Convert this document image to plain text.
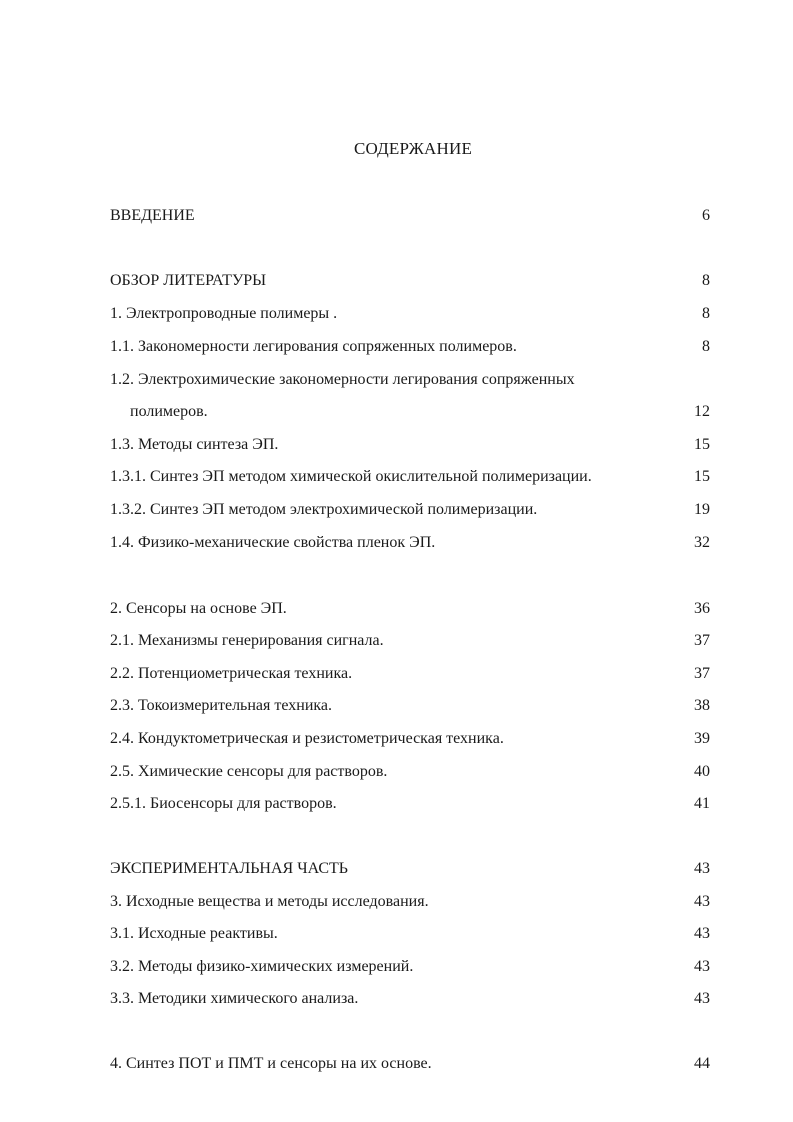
СОДЕРЖАНИЕ
ВВЕДЕНИЕ	6
ОБЗОР ЛИТЕРАТУРЫ	8
1. Электропроводные полимеры .	8
1.1. Закономерности легирования сопряженных полимеров.	8
1.2. Электрохимические закономерности легирования сопряженных
полимеров.	12
1.3. Методы синтеза ЭП.	15
1.3.1. Синтез ЭП методом химической окислительной полимеризации.	15
1.3.2. Синтез ЭП методом электрохимической полимеризации.	19
1.4. Физико-механические свойства пленок ЭП.	32
2. Сенсоры на основе ЭП.	36
2.1. Механизмы генерирования сигнала.	37
2.2. Потенциометрическая техника.	37
2.3. Токоизмерительная техника.	38
2.4. Кондуктометрическая и резистометрическая техника.	39
2.5. Химические сенсоры для растворов.	40
2.5.1. Биосенсоры для растворов.	41
ЭКСПЕРИМЕНТАЛЬНАЯ ЧАСТЬ	43
3. Исходные вещества и методы исследования.	43
3.1. Исходные реактивы.	43
3.2. Методы физико-химических измерений.	43
3.3. Методики химического анализа.	43
4. Синтез ПОТ и ПМТ и сенсоры на их основе.	44
